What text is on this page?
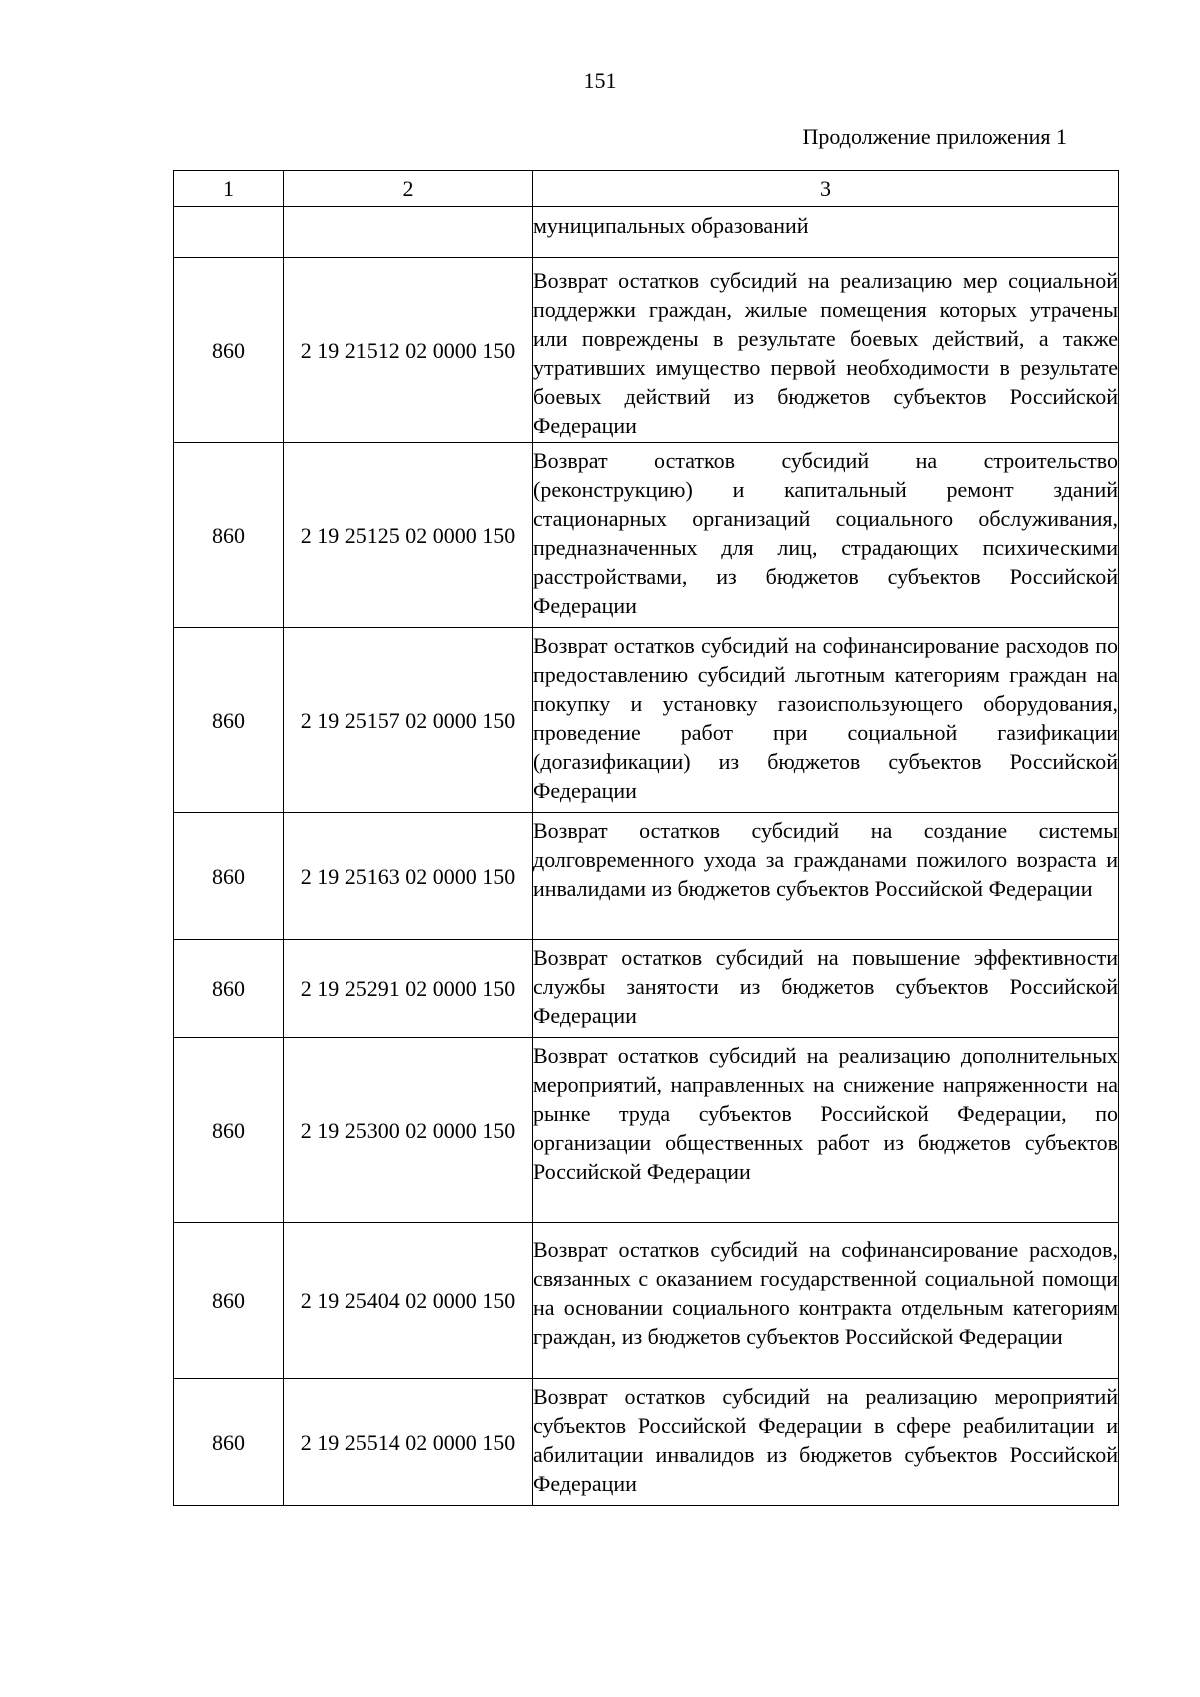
151
Продолжение приложения 1
1	2	3
		муниципальных образований
860	2 19 21512 02 0000 150	Возврат остатков субсидий на реализацию мер социальной поддержки граждан, жилые помещения которых утрачены или повреждены в результате боевых действий, а также утративших имущество первой необходимости в результате боевых действий из бюджетов субъектов Российской Федерации
860	2 19 25125 02 0000 150	Возврат остатков субсидий на строительство (реконструкцию) и капитальный ремонт зданий стационарных организаций социального обслуживания, предназначенных для лиц, страдающих психическими расстройствами, из бюджетов субъектов Российской Федерации
860	2 19 25157 02 0000 150	Возврат остатков субсидий на софинансирование расходов по предоставлению субсидий льготным категориям граждан на покупку и установку газоиспользующего оборудования, проведение работ при социальной газификации (догазификации) из бюджетов субъектов Российской Федерации
860	2 19 25163 02 0000 150	Возврат остатков субсидий на создание системы долговременного ухода за гражданами пожилого возраста и инвалидами из бюджетов субъектов Российской Федерации
860	2 19 25291 02 0000 150	Возврат остатков субсидий на повышение эффективности службы занятости из бюджетов субъектов Российской Федерации
860	2 19 25300 02 0000 150	Возврат остатков субсидий на реализацию дополнительных мероприятий, направленных на снижение напряженности на рынке труда субъектов Российской Федерации, по организации общественных работ из бюджетов субъектов Российской Федерации
860	2 19 25404 02 0000 150	Возврат остатков субсидий на софинансирование расходов, связанных с оказанием государственной социальной помощи на основании социального контракта отдельным категориям граждан, из бюджетов субъектов Российской Федерации
860	2 19 25514 02 0000 150	Возврат остатков субсидий на реализацию мероприятий субъектов Российской Федерации в сфере реабилитации и абилитации инвалидов из бюджетов субъектов Российской Федерации
